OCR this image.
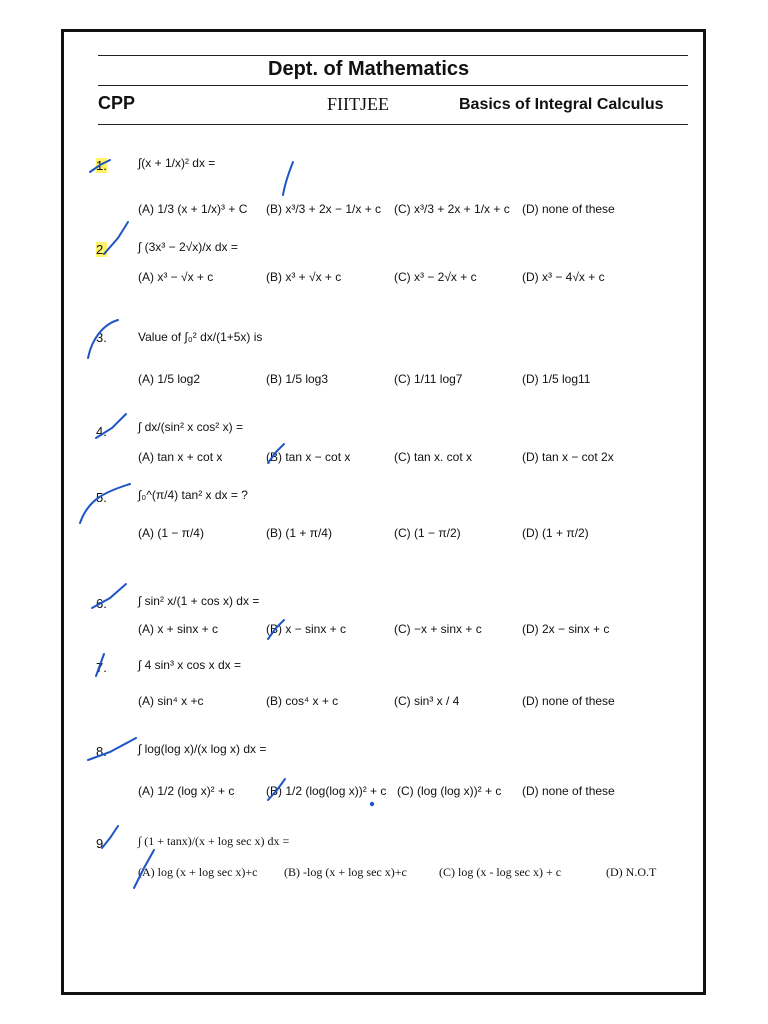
Dept. of Mathematics
CPP	FIITJEE	Basics of Integral Calculus
1.	∫(x + 1/x)² dx =
(A) 1/3 (x + 1/x)³ + C (B) x³/3 + 2x − 1/x + c (C) x³/3 + 2x + 1/x + c (D) none of these
2.	∫ (3x³ − 2√x)/x dx =
(A) x³ − √x + c	(B) x³ + √x + c	(C) x³ − 2√x + c	(D) x³ − 4√x + c
3.	Value of ∫₀² dx/(1+5x) is
(A) 1/5 log2	(B) 1/5 log3	(C) 1/11 log7	(D) 1/5 log11
4.	∫ dx/(sin² x cos² x) =
(A) tan x + cot x	(B) tan x − cot x	(C) tan x. cot x	(D) tan x − cot 2x
5.	∫₀^(π/4) tan² x dx = ?
(A) (1 − π/4)	(B) (1 + π/4)	(C) (1 − π/2)	(D) (1 + π/2)
6.	∫ sin² x/(1 + cos x) dx =
(A) x + sinx + c	(B) x − sinx + c	(C) −x + sinx + c	(D) 2x − sinx + c
7.	∫ 4 sin³ x cos x dx =
(A) sin⁴ x +c	(B) cos⁴ x + c	(C) sin³ x / 4	(D) none of these
8.	∫ log(log x)/(x log x) dx =
(A) 1/2 (log x)² + c	(B) 1/2 (log(log x))² + c (C) (log (log x))² + c (D) none of these
9	∫ (1 + tanx)/(x + log sec x) dx =
(A) log (x + log sec x)+c (B) -log (x + log sec x)+c	(C) log (x - log sec x) + c	(D) N.O.T
